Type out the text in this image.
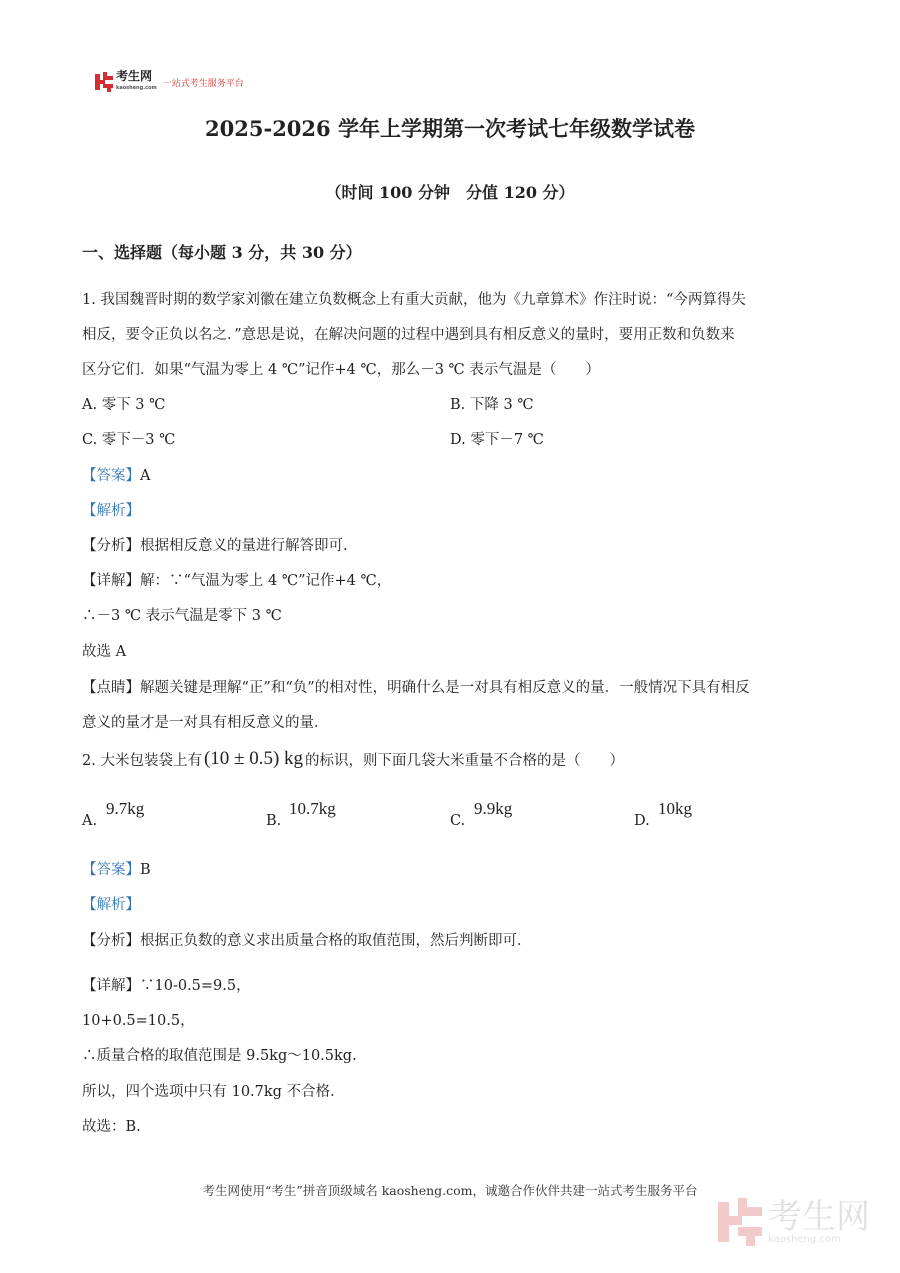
考生网
kaosheng.com 一站式考生服务平台
2025-2026 学年上学期第一次考试七年级数学试卷
（时间 100 分钟　分值 120 分）
一、选择题（每小题 3 分，共 30 分）
1. 我国魏晋时期的数学家刘徽在建立负数概念上有重大贡献，他为《九章算术》作注时说：“今两算得失
相反，要令正负以名之．”意思是说，在解决问题的过程中遇到具有相反意义的量时，要用正数和负数来
区分它们．如果“气温为零上 4 ℃”记作+4 ℃，那么－3 ℃ 表示气温是（　　）
A. 零下 3 ℃	B. 下降 3 ℃
C. 零下－3 ℃	D. 零下－7 ℃
【答案】A
【解析】
【分析】根据相反意义的量进行解答即可.
【详解】解：∵“气温为零上 4 ℃”记作+4 ℃，
∴－3 ℃ 表示气温是零下 3 ℃
故选 A
【点睛】解题关键是理解“正”和“负”的相对性，明确什么是一对具有相反意义的量．一般情况下具有相反
意义的量才是一对具有相反意义的量．
2. 大米包装袋上有 (10 ± 0.5) kg 的标识，则下面几袋大米重量不合格的是（　　）
A.
9.7kg
B.
10.7kg
C.
9.9kg
D.
10kg
【答案】B
【解析】
【分析】根据正负数的意义求出质量合格的取值范围，然后判断即可．
【详解】∵10-0.5=9.5，
10+0.5=10.5，
∴质量合格的取值范围是 9.5kg～10.5kg.
所以，四个选项中只有 10.7kg 不合格．
故选：B.
考生网使用“考生”拼音顶级域名 kaosheng.com，诚邀合作伙伴共建一站式考生服务平台
考生网
kaosheng.com
